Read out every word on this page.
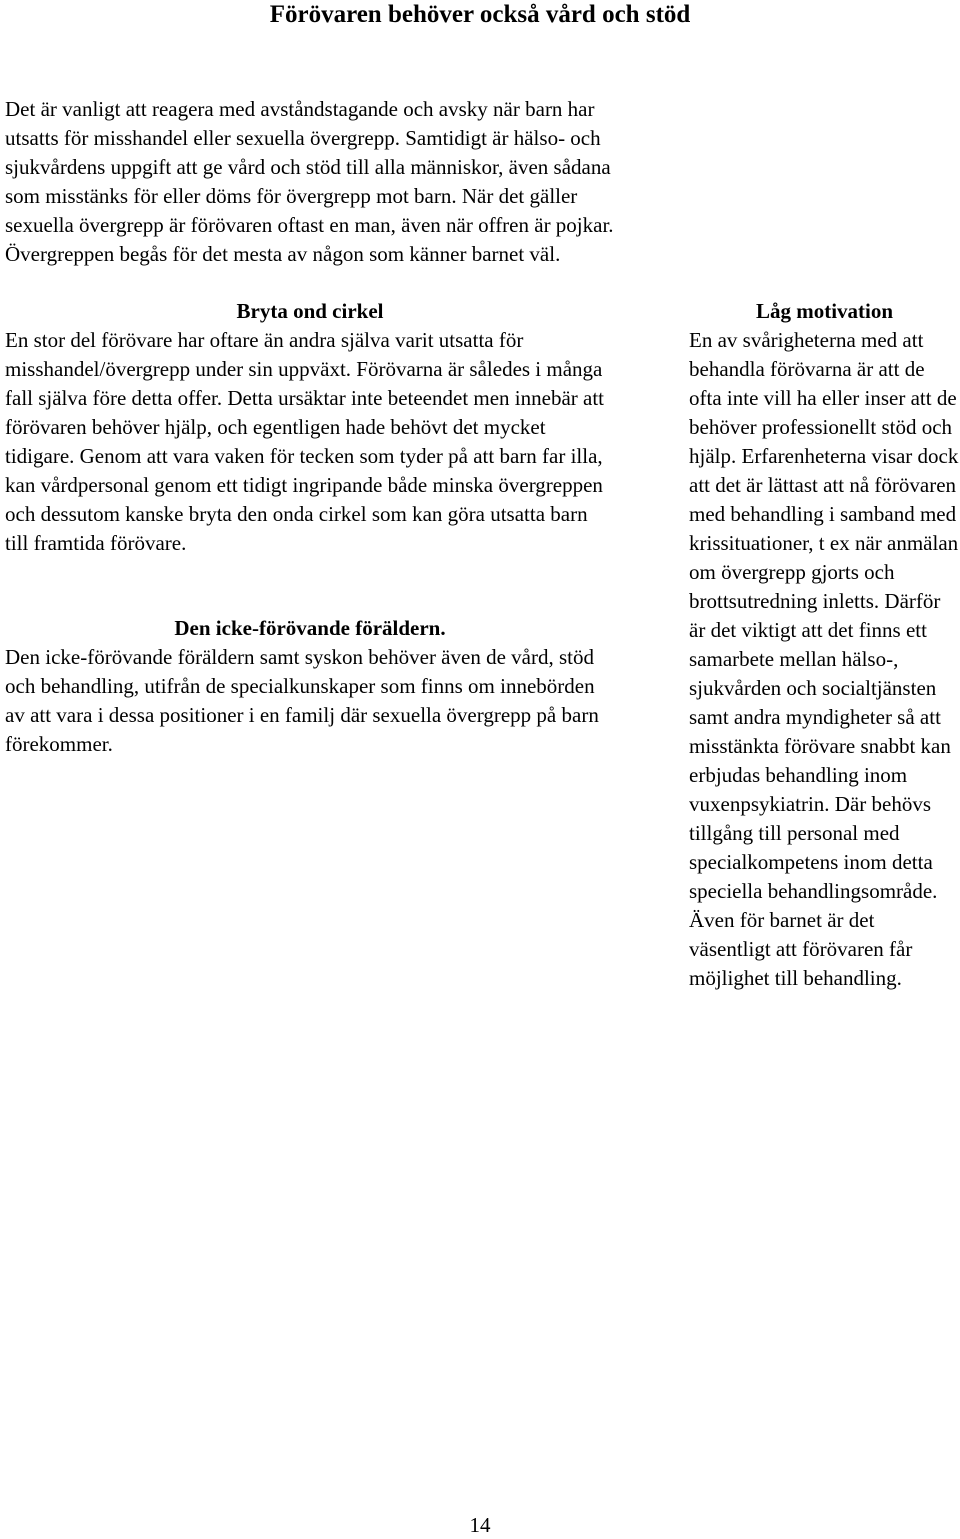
Förövaren behöver också vård och stöd

Det är vanligt att reagera med avståndstagande och avsky när barn har utsatts för misshandel eller sexuella övergrepp. Samtidigt är hälso- och sjukvårdens uppgift att ge vård och stöd till alla människor, även sådana som misstänks för eller döms för övergrepp mot barn. När det gäller sexuella övergrepp är förövaren oftast en man, även när offren är pojkar. Övergreppen begås för det mesta av någon som känner barnet väl.

Bryta ond cirkel

En stor del förövare har oftare än andra själva varit utsatta för misshandel/övergrepp under sin uppväxt. Förövarna är således i många fall själva före detta offer. Detta ursäktar inte beteendet men innebär att förövaren behöver hjälp, och egentligen hade behövt det mycket tidigare. Genom att vara vaken för tecken som tyder på att barn far illa, kan vårdpersonal genom ett tidigt ingripande både minska övergreppen och dessutom kanske bryta den onda cirkel som kan göra utsatta barn till framtida förövare.

Den icke-förövande föräldern.

Den icke-förövande föräldern samt syskon behöver även de vård, stöd och behandling, utifrån de specialkunskaper som finns om innebörden av att vara i dessa positioner i en familj där sexuella övergrepp på barn förekommer.

Låg motivation

En av svårigheterna med att behandla förövarna är att de ofta inte vill ha eller inser att de behöver professionellt stöd och hjälp. Erfarenheterna visar dock att det är lättast att nå förövaren med behandling i samband med krissituationer, t ex när anmälan om övergrepp gjorts och brottsutredning inletts. Därför är det viktigt att det finns ett samarbete mellan hälso-, sjukvården och socialtjänsten samt andra myndigheter så att misstänkta förövare snabbt kan erbjudas behandling inom vuxenpsykiatrin. Där behövs tillgång till personal med specialkompetens inom detta speciella behandlingsområde. Även för barnet är det väsentligt att förövaren får möjlighet till behandling.

14
